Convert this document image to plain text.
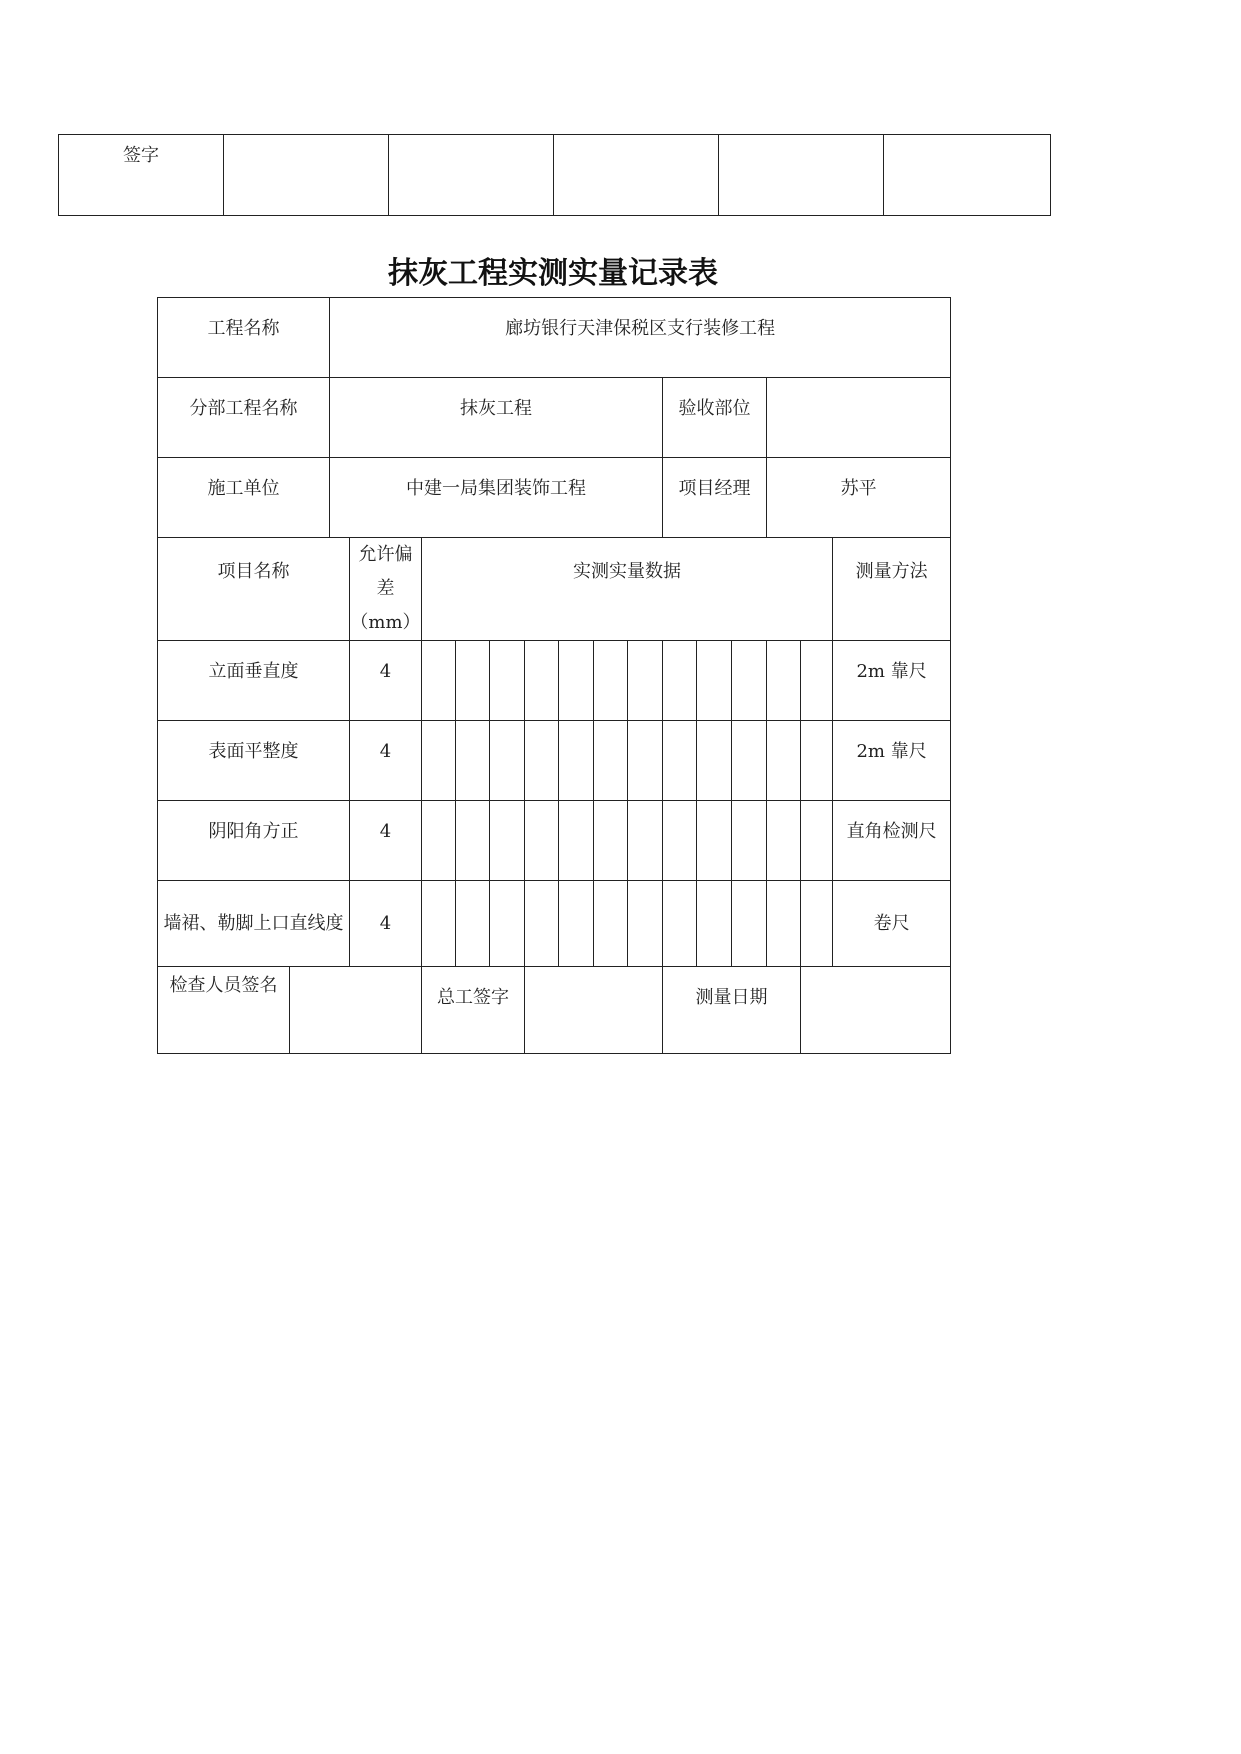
签字					
抹灰工程实测实量记录表
工程名称		廊坊银行天津保税区支行装修工程														
分部工程名称		抹灰工程									验收部位					
施工单位		中建一局集团装饰工程									项目经理			苏平		
项目名称			允许偏差（mm）	实测实量数据												测量方法
立面垂直度			4													2m 靠尺
表面平整度			4													2m 靠尺
阴阳角方正			4													直角检测尺
墙裙、勒脚上口直线度			4													卷尺
检查人员签名				总工签字							测量日期					
